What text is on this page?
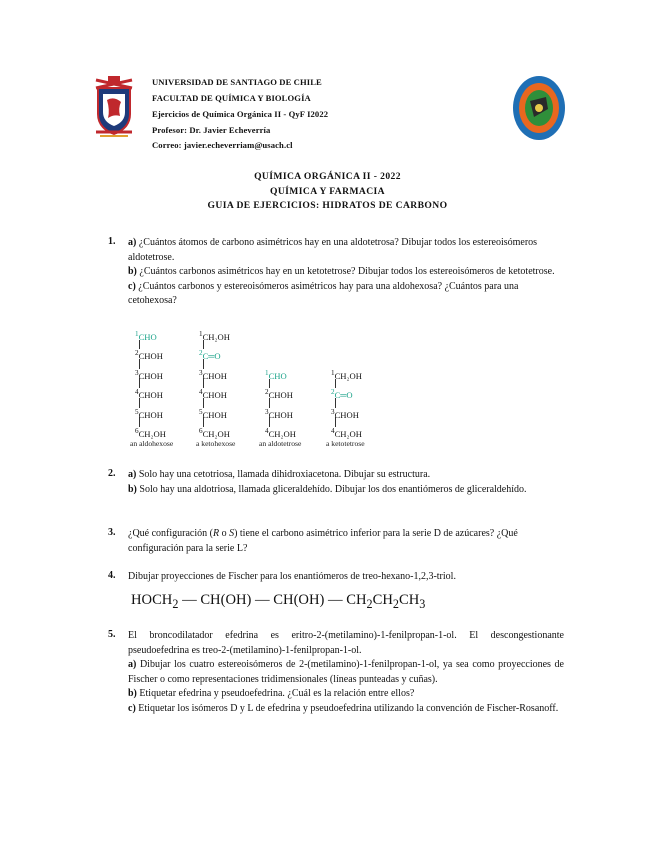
UNIVERSIDAD DE SANTIAGO DE CHILE
FACULTAD DE QUÍMICA Y BIOLOGÍA
Ejercicios de Química Orgánica II - QyF I2022
Profesor: Dr. Javier Echeverría
Correo: javier.echeverriam@usach.cl
QUÍMICA ORGÁNICA II - 2022
QUÍMICA Y FARMACIA
GUIA DE EJERCICIOS: HIDRATOS DE CARBONO
1. a) ¿Cuántos átomos de carbono asimétricos hay en una aldotetrosa? Dibujar todos los estereoisómeros aldotetrose.
b) ¿Cuántos carbonos asimétricos hay en un ketotetrose? Dibujar todos los estereoisómeros de ketotetrose.
c) ¿Cuántos carbonos y estereoisómeros asimétricos hay para una aldohexosa? ¿Cuántos para una cetohexosa?
$^1$CHO
$^2$CHOH
$^3$CHOH
$^4$CHOH
$^5$CHOH
$^6$CH₂OH
an aldohexose
$^1$CH₂OH
$^2$C═O
$^3$CHOH
$^4$CHOH
$^5$CHOH
$^6$CH₂OH
a ketohexose
$^1$CHO
$^2$CHOH
$^3$CHOH
$^4$CH₂OH
an aldotetrose
$^1$CH₂OH
$^2$C═O
$^3$CHOH
$^4$CH₂OH
a ketotetrose
2. a) Solo hay una cetotriosa, llamada dihidroxiacetona. Dibujar su estructura.
b) Solo hay una aldotriosa, llamada gliceraldehído. Dibujar los dos enantiómeros de gliceraldehído.
3. ¿Qué configuración (R o S) tiene el carbono asimétrico inferior para la serie D de azúcares? ¿Qué configuración para la serie L?
4. Dibujar proyecciones de Fischer para los enantiómeros de treo-hexano-1,2,3-triol.
$HOCH_2$ — CH(OH) — CH(OH) — $CH_2CH_2CH_3$
5. El broncodilatador efedrina es eritro-2-(metilamino)-1-fenilpropan-1-ol. El descongestionante pseudoefedrina es treo-2-(metilamino)-1-fenilpropan-1-ol.
a) Dibujar los cuatro estereoisómeros de 2-(metilamino)-1-fenilpropan-1-ol, ya sea como proyecciones de Fischer o como representaciones tridimensionales (líneas punteadas y cuñas).
b) Etiquetar efedrina y pseudoefedrina. ¿Cuál es la relación entre ellos?
c) Etiquetar los isómeros D y L de efedrina y pseudoefedrina utilizando la convención de Fischer-Rosanoff.
